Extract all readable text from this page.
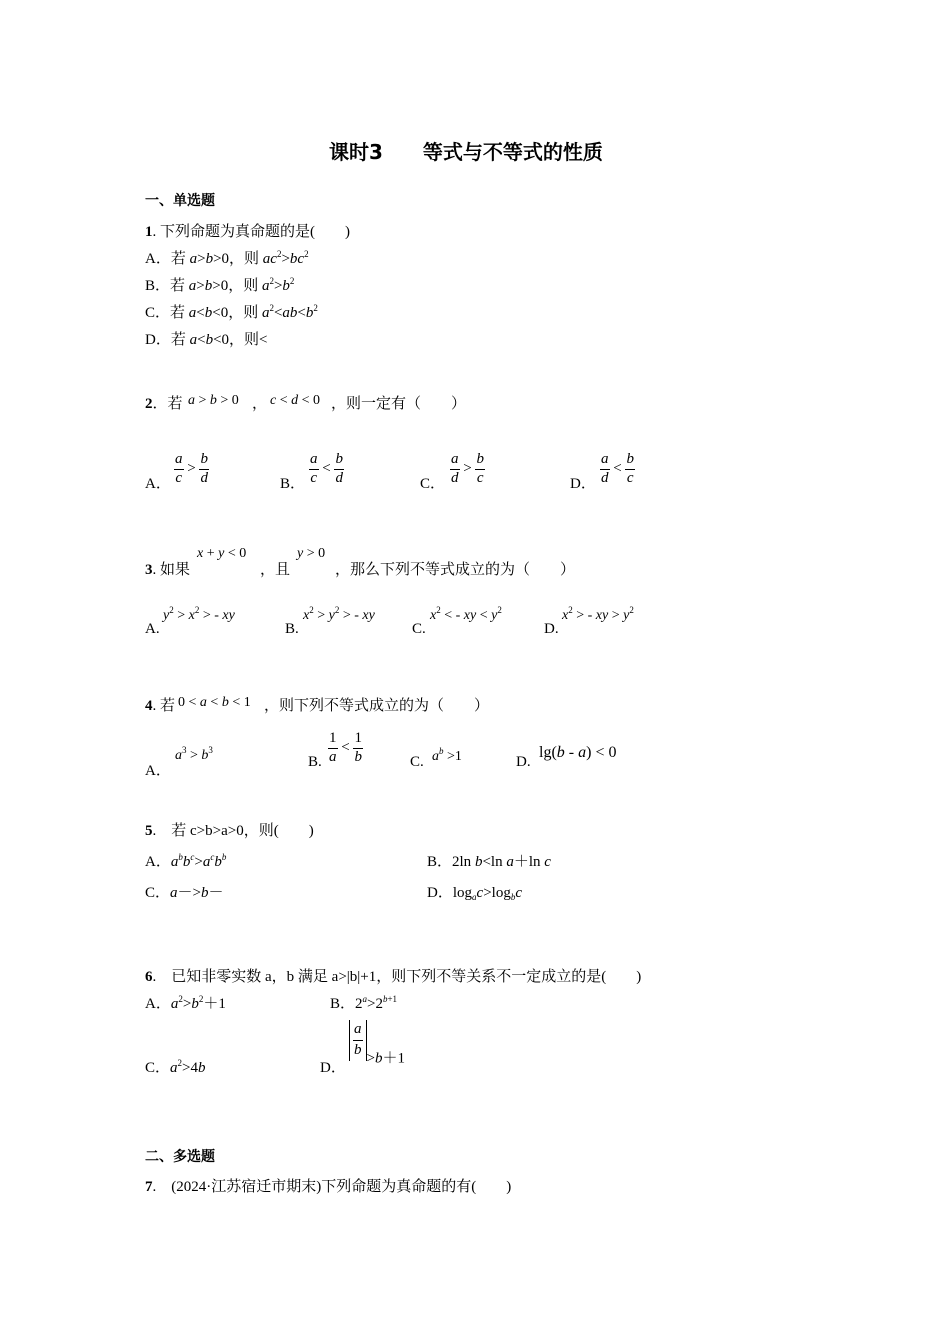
课时3　　等式与不等式的性质
一、单选题
1. 下列命题为真命题的是(　　)
A．若 a>b>0，则 $ac^2>bc^2$
B．若 a>b>0，则 $a^2>b^2$
C．若 a<b<0，则 $a^2<ab<b^2$
D．若 a<b<0，则<
2．若 a > b > 0 ， c < d < 0 ，则一定有（　　）
A． $\frac{a}{c} > \frac{b}{d}$	B． $\frac{a}{c} < \frac{b}{d}$	C． $\frac{a}{d} > \frac{b}{c}$	D． $\frac{a}{d} < \frac{b}{c}$
3. 如果
x + y < 0
，且
y > 0
，那么下列不等式成立的为（　　）
A.
$y^2 > x^2$ > - xy
B.
$x^2 > y^2$ > - xy
C.
$x^2$ < - xy < $y^2$
D.
$x^2$ > - xy > $y^2$
4. 若 0 < a < b < 1 ，则下列不等式成立的为（　　）
A．
$a^3 > b^3$
B. $\frac{1}{a} < \frac{1}{b}$	C. $a^b >1$	D.
lg(b - a) < 0
5.　若 c>b>a>0，则(　　)
A．$a^bb^c>a^cb^b$	B．2ln b<ln a＋ln c
C．a－>b－	D．$\log_ac>\log_bc$
6.　已知非零实数 a，b 满足 a>|b|+1，则下列不等关系不一定成立的是(　　)
A．$a^2>b^2+1$	B．$2^a>2^{b+1}$
C．$a^2>4b$	D．
$\frac{a}{b} >b+1$
二、多选题
7.　(2024·江苏宿迁市期末)下列命题为真命题的有(　　)
